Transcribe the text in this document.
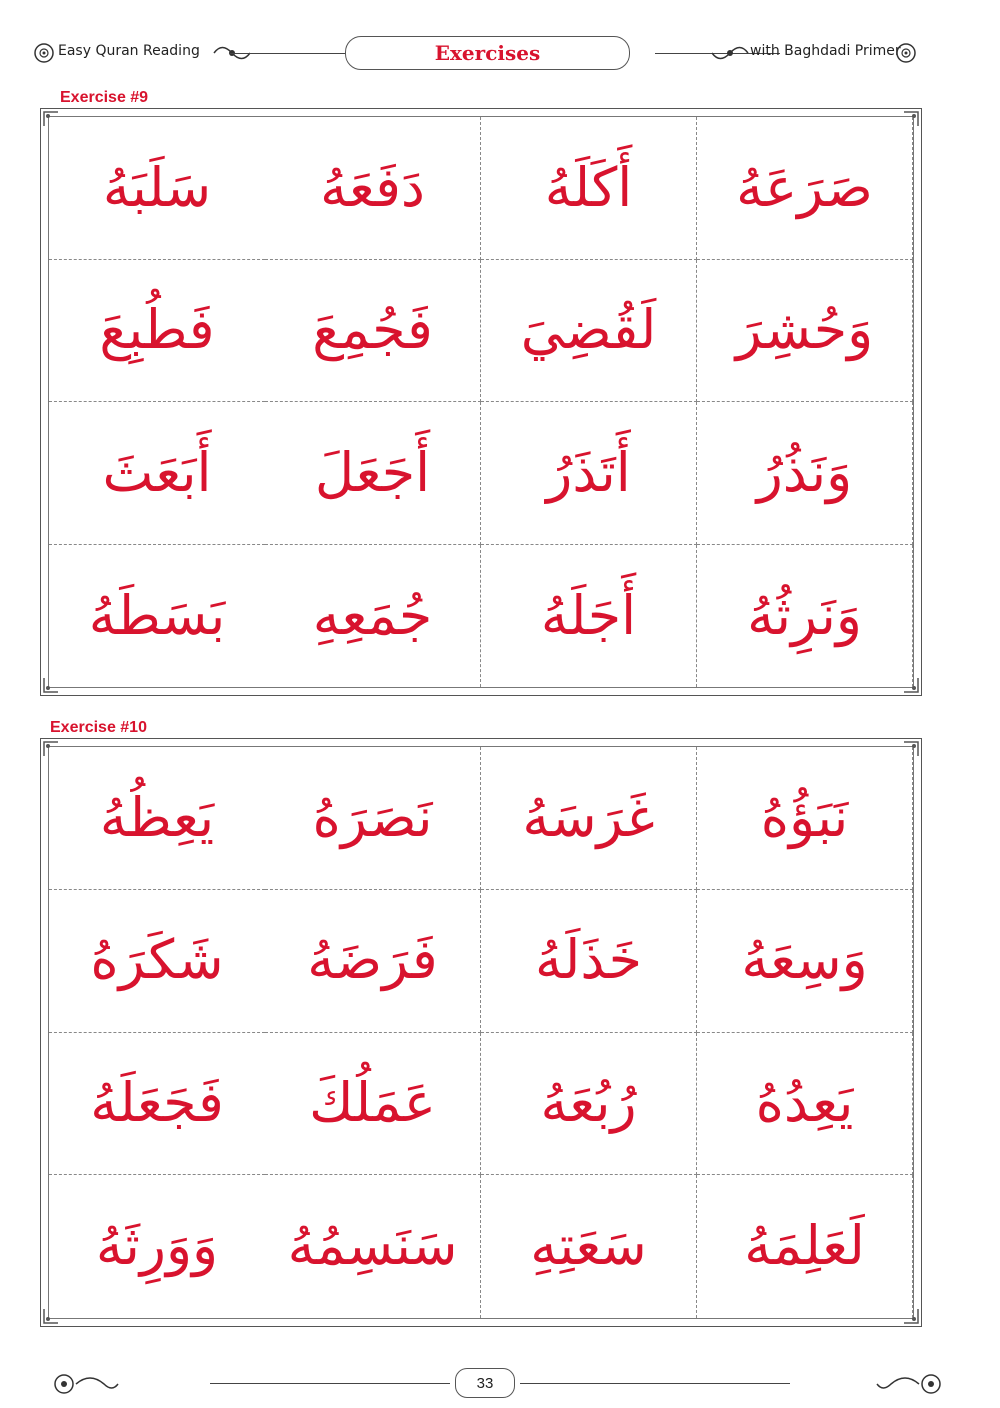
Easy Quran Reading	Exercises	with Baghdadi Primer
Exercise #9
صَرَعَهُ
أَكَلَهُ
دَفَعَهُ
سَلَبَهُ
وَحُشِرَ
لَقُضِيَ
فَجُمِعَ
فَطُبِعَ
وَنَذُرُ
أَتَذَرُ
أَجَعَلَ
أَبَعَثَ
وَنَرِثُهُ
أَجَلَهُ
جُمَعِهِ
بَسَطَهُ
Exercise #10
نَبَؤُهُ
غَرَسَهُ
نَصَرَهُ
يَعِظُهُ
وَسِعَهُ
خَذَلَهُ
فَرَضَهُ
شَكَرَهُ
يَعِدُهُ
رُبُعَهُ
عَمَلُكَ
فَجَعَلَهُ
لَعَلِمَهُ
سَعَتِهِ
سَنَسِمُهُ
وَوَرِثَهُ
33
